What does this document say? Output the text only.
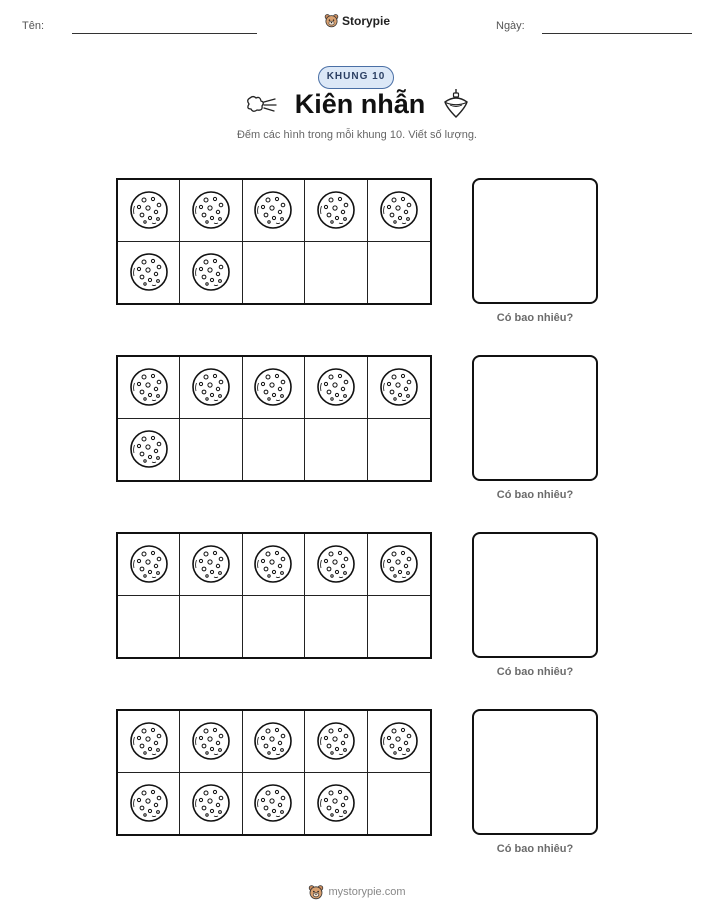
Tên:	Storypie	Ngày:
KHUNG 10
Kiên nhẫn
Đếm các hình trong mỗi khung 10. Viết số lượng.
Có bao nhiêu?
Có bao nhiêu?
Có bao nhiêu?
Có bao nhiêu?
mystorypie.com
